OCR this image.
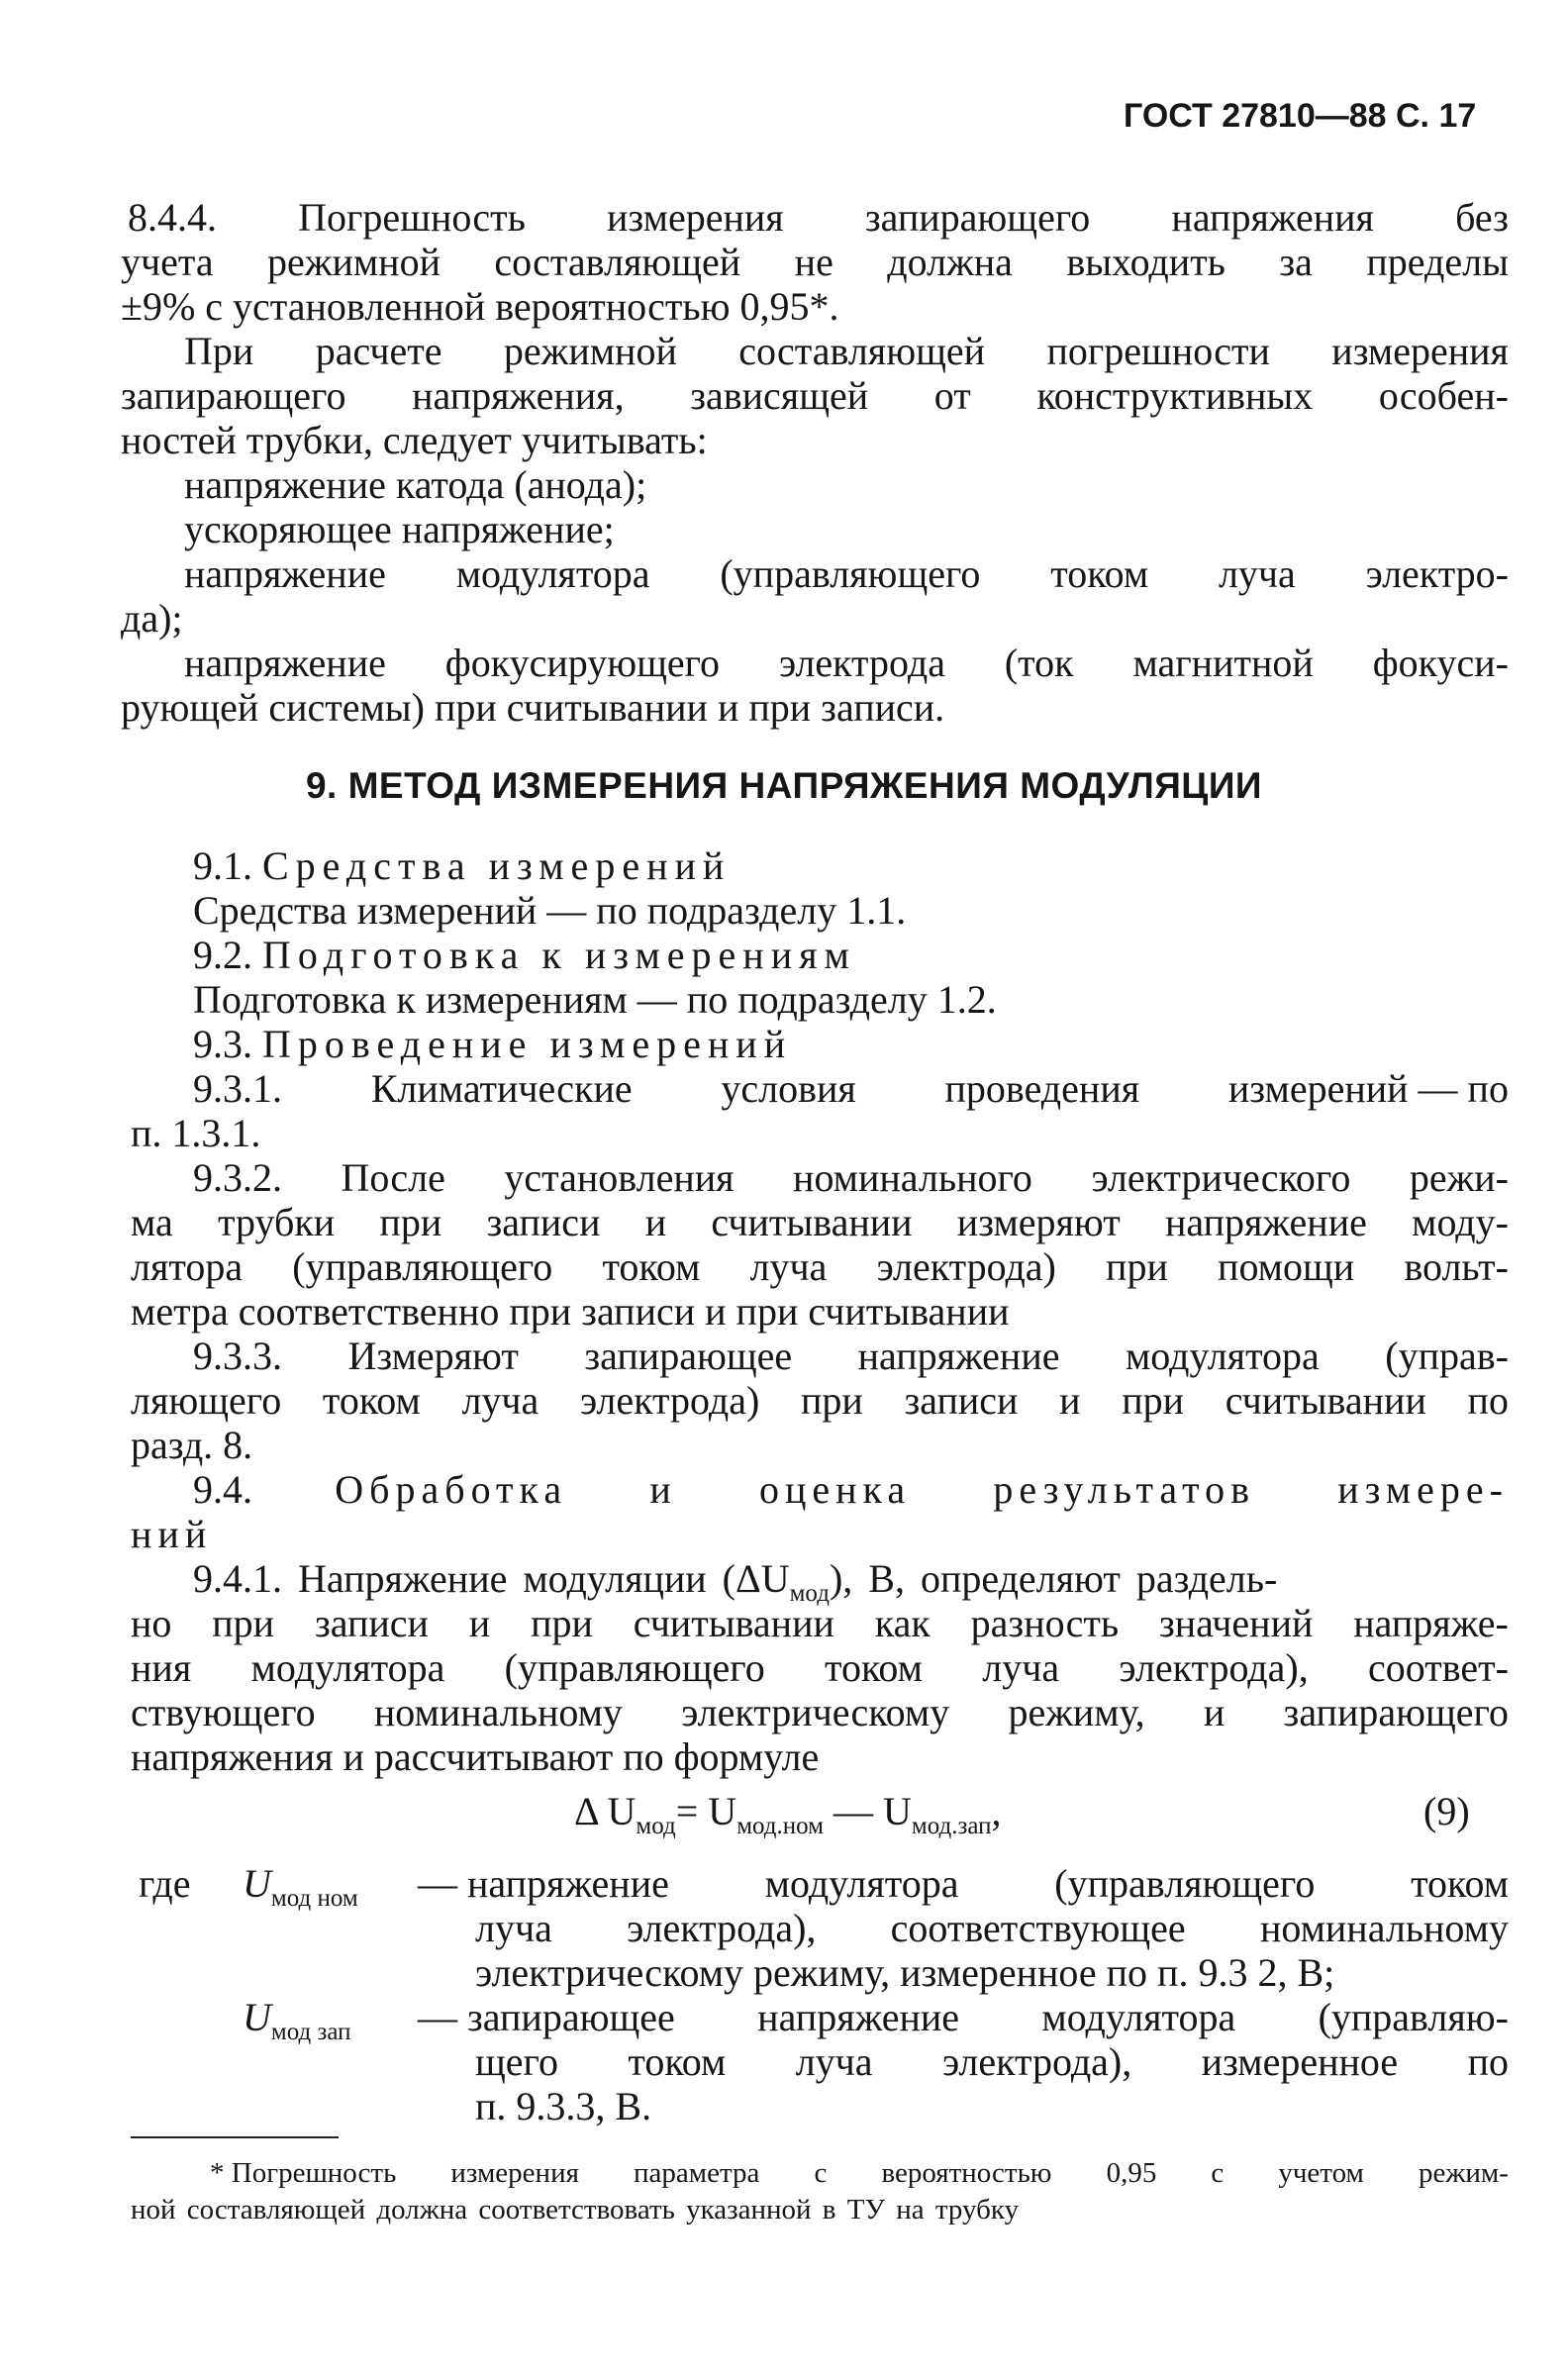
ГОСТ 27810—88 С. 17
8.4.4. Погрешность измерения запирающего напряжения без
учета режимной составляющей не должна выходить за пределы
±9% с установленной вероятностью 0,95*.
При расчете режимной составляющей погрешности измерения
запирающего напряжения, зависящей от конструктивных особен-
ностей трубки, следует учитывать:
напряжение катода (анода);
ускоряющее напряжение;
напряжение модулятора (управляющего током луча электро-
да);
напряжение фокусирующего электрода (ток магнитной фокуси-
рующей системы) при считывании и при записи.
9. МЕТОД ИЗМЕРЕНИЯ НАПРЯЖЕНИЯ МОДУЛЯЦИИ
9.1. Средства измерений
Средства измерений — по подразделу 1.1.
9.2. Подготовка к измерениям
Подготовка к измерениям — по подразделу 1.2.
9.3. Проведение измерений
9.3.1. Климатические условия проведения измерений — по
п. 1.3.1.
9.3.2. После установления номинального электрического режи-
ма трубки при записи и считывании измеряют напряжение моду-
лятора (управляющего током луча электрода) при помощи вольт-
метра соответственно при записи и при считывании
9.3.3. Измеряют запирающее напряжение модулятора (управ-
ляющего током луча электрода) при записи и при считывании по
разд. 8.
9.4. Обработка и оценка результатов измере-
ний
9.4.1. Напряжение модуляции $(\Delta U_{мод})$, В, определяют раздель-
но при записи и при считывании как разность значений напряже-
ния модулятора (управляющего током луча электрода), соответ-
ствующего номинальному электрическому режиму, и запирающего
напряжения и рассчитывают по формуле
Δ $U_{мод}= U_{мод.ном}$ — $U_{мод.зап}$,	(9)
где $U_{мод ном}$ — напряжение модулятора (управляющего током
луча электрода), соответствующее номинальному
электрическому режиму, измеренное по п. 9.3 2, В;
$U_{мод зап}$ — запирающее напряжение модулятора (управляю-
щего током луча электрода), измеренное по
п. 9.3.3, В.
* Погрешность измерения параметра с вероятностью 0,95 с учетом режим-
ной составляющей должна соответствовать указанной в ТУ на трубку
